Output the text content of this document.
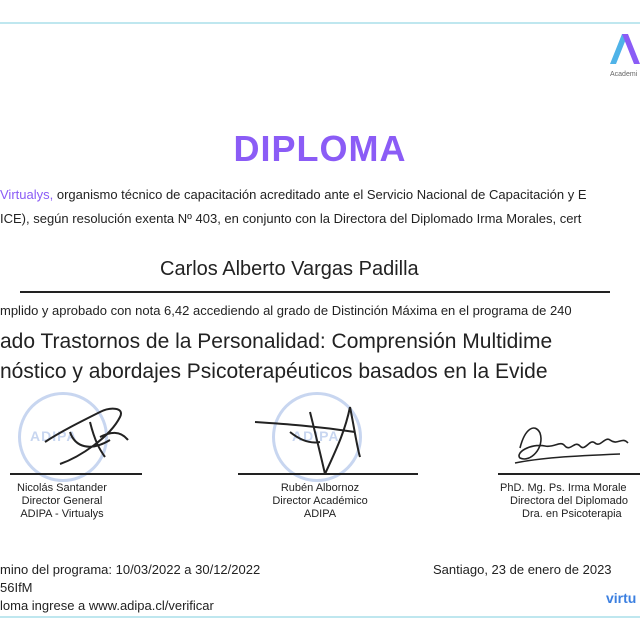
Academi
DIPLOMA
Virtualys, organismo técnico de capacitación acreditado ante el Servicio Nacional de Capacitación y E
ICE), según resolución exenta Nº 403, en conjunto con la Directora del Diplomado Irma Morales, cert
Carlos Alberto Vargas Padilla
mplido y aprobado con nota 6,42 accediendo al grado de Distinción Máxima en el programa de 240
ado Trastornos de la Personalidad: Comprensión Multidime
nóstico y abordajes Psicoterapéuticos basados en la Evide
ADIPA	ADIPA
Nicolás Santander
Director General
ADIPA - Virtualys
Rubén Albornoz
Director Académico
ADIPA
PhD. Mg. Ps. Irma Morale
Directora del Diplomado
Dra. en Psicoterapia
mino del programa: 10/03/2022 a 30/12/2022	Santiago, 23 de enero de 2023
56IfM
loma ingrese a www.adipa.cl/verificar	virtu
